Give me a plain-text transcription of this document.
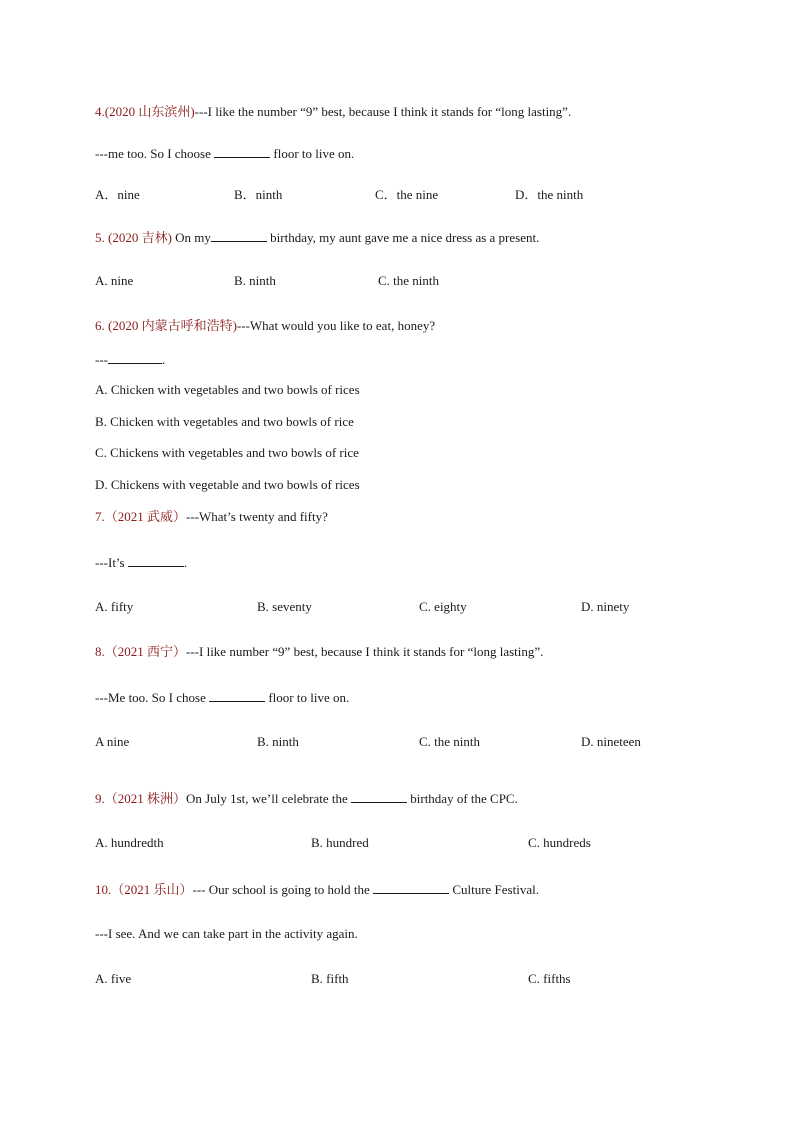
4.(2020 山东滨州)---I like the number “9” best, because I think it stands for “long lasting”.
---me too. So I choose	floor to live on.
A．nine	B．ninth	C．the nine	D．the ninth
5. (2020 吉林) On my	birthday, my aunt gave me a nice dress as a present.
A. nine	B. ninth	C. the ninth
6. (2020 内蒙古呼和浩特)---What would you like to eat, honey?
---	.
A. Chicken with vegetables and two bowls of rices
B. Chicken with vegetables and two bowls of rice
C. Chickens with vegetables and two bowls of rice
D. Chickens with vegetable and two bowls of rices
7.（2021 武威）---What’s twenty and fifty?
---It’s	.
A. fifty	B. seventy	C. eighty	D. ninety
8.（2021 西宁）---I like number “9” best, because I think it stands for “long lasting”.
---Me too. So I chose	floor to live on.
A nine	B. ninth	C. the ninth	D. nineteen
9.（2021 株洲）On July 1st, we’ll celebrate the	birthday of the CPC.
A. hundredth	B. hundred	C. hundreds
10.（2021 乐山）--- Our school is going to hold the	Culture Festival.
---I see. And we can take part in the activity again.
A. five	B. fifth	C. fifths
